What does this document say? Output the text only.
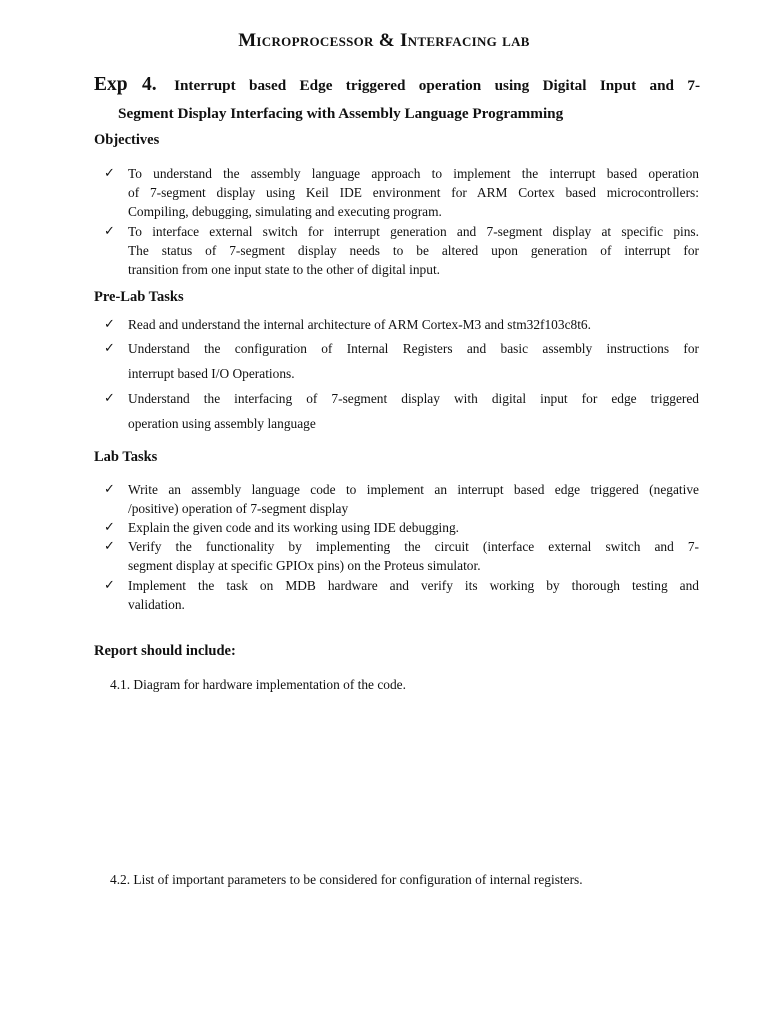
Microprocessor & Interfacing lab
Exp 4. Interrupt based Edge triggered operation using Digital Input and 7-
Segment Display Interfacing with Assembly Language Programming
Objectives
✓ To understand the assembly language approach to implement the interrupt based operation
of 7-segment display using Keil IDE environment for ARM Cortex based microcontrollers:
Compiling, debugging, simulating and executing program.
✓ To interface external switch for interrupt generation and 7-segment display at specific pins.
The status of 7-segment display needs to be altered upon generation of interrupt for
transition from one input state to the other of digital input.
Pre-Lab Tasks
✓ Read and understand the internal architecture of ARM Cortex-M3 and stm32f103c8t6.
✓ Understand the configuration of Internal Registers and basic assembly instructions for
interrupt based I/O Operations.
✓ Understand the interfacing of 7-segment display with digital input for edge triggered
operation using assembly language
Lab Tasks
✓ Write an assembly language code to implement an interrupt based edge triggered (negative
/positive) operation of 7-segment display
✓ Explain the given code and its working using IDE debugging.
✓ Verify the functionality by implementing the circuit (interface external switch and 7-
segment display at specific GPIOx pins) on the Proteus simulator.
✓ Implement the task on MDB hardware and verify its working by thorough testing and
validation.
Report should include:
4.1. Diagram for hardware implementation of the code.
4.2. List of important parameters to be considered for configuration of internal registers.
